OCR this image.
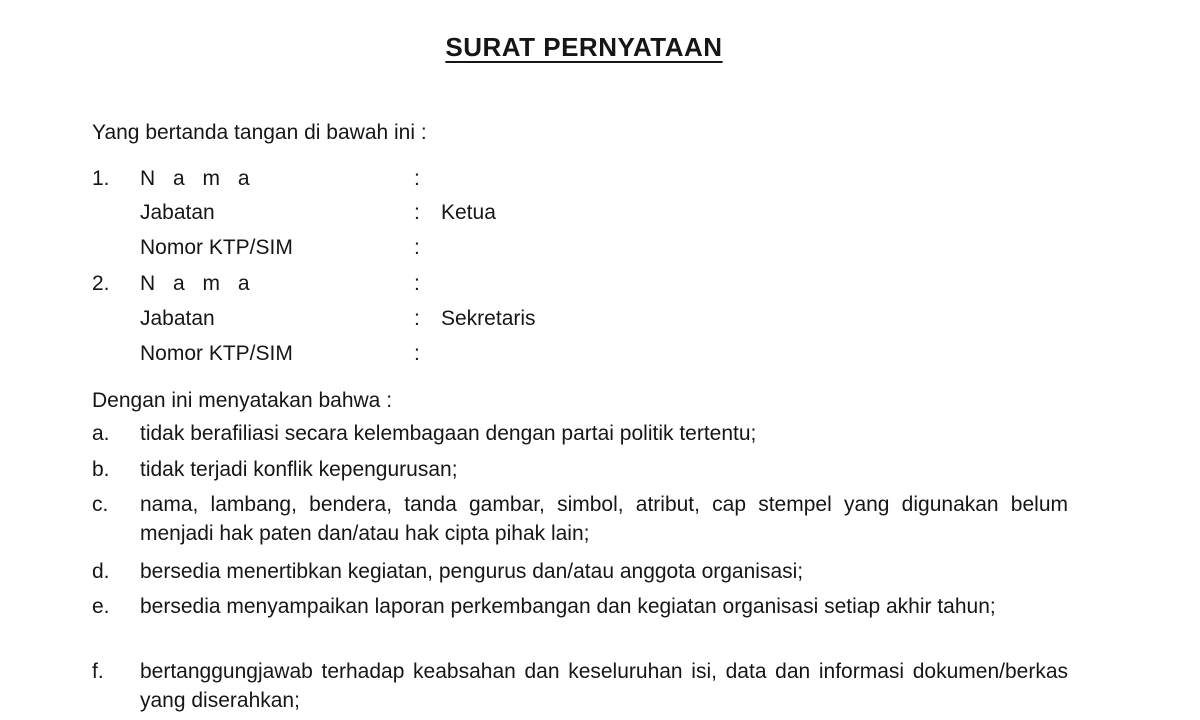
SURAT PERNYATAAN
Yang bertanda tangan di bawah ini :
1. N a m a	:
Jabatan	: Ketua
Nomor KTP/SIM	:
2. N a m a	:
Jabatan	: Sekretaris
Nomor KTP/SIM	:
Dengan ini menyatakan bahwa :
a. tidak berafiliasi secara kelembagaan dengan partai politik tertentu;
b. tidak terjadi konflik kepengurusan;
c. nama, lambang, bendera, tanda gambar, simbol, atribut, cap stempel yang digunakan belum menjadi hak paten dan/atau hak cipta pihak lain;
d. bersedia menertibkan kegiatan, pengurus dan/atau anggota organisasi;
e. bersedia menyampaikan laporan perkembangan dan kegiatan organisasi setiap akhir tahun;
f. bertanggungjawab terhadap keabsahan dan keseluruhan isi, data dan informasi dokumen/berkas yang diserahkan;
